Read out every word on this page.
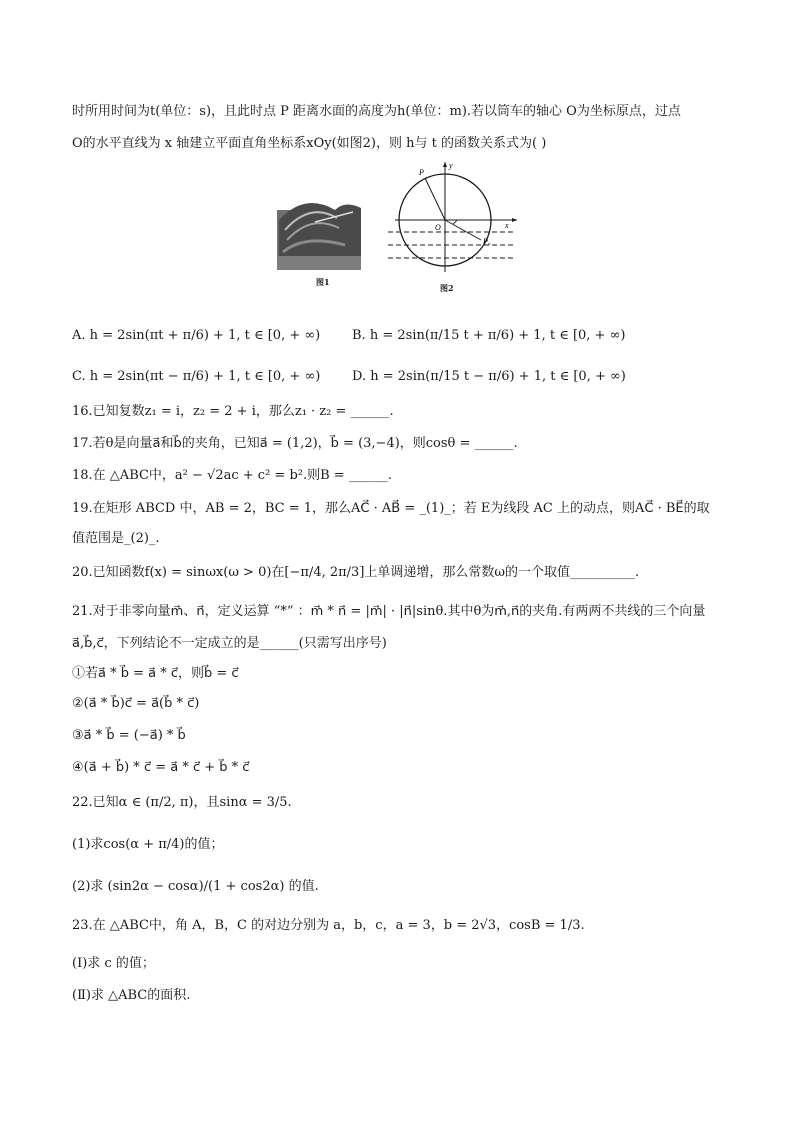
时所用时间为t(单位：s)，且此时点 P 距离水面的高度为h(单位：m).若以筒车的轴心 O为坐标原点，过点
O的水平直线为 x 轴建立平面直角坐标系xOy(如图2)，则 h与 t 的函数关系式为( )
图1
P
y
O	x
P₀
图2
A. h = 2sin(πt + π/6) + 1, t ∈ [0, + ∞) B. h = 2sin(π/15 t + π/6) + 1, t ∈ [0, + ∞)
C. h = 2sin(πt − π/6) + 1, t ∈ [0, + ∞) D. h = 2sin(π/15 t − π/6) + 1, t ∈ [0, + ∞)
16.已知复数z₁ = i，z₂ = 2 + i，那么z₁ · z₂ = ______.
17.若θ是向量a⃗和b⃗的夹角，已知a⃗ = (1,2)，b⃗ = (3,−4)，则cosθ = ______.
18.在 △ABC中，a² − √2ac + c² = b².则B = ______.
19.在矩形 ABCD 中，AB = 2，BC = 1，那么AC⃗ · AB⃗ = _(1)_；若 E为线段 AC 上的动点，则AC⃗ · BE⃗的取
值范围是_(2)_.
20.已知函数f(x) = sinωx(ω > 0)在[−π/4, 2π/3]上单调递增，那么常数ω的一个取值__________.
21.对于非零向量m⃗、n⃗，定义运算 “*” ：m⃗ * n⃗ = |m⃗| · |n⃗|sinθ.其中θ为m⃗,n⃗的夹角.有两两不共线的三个向量
a⃗,b⃗,c⃗，下列结论不一定成立的是______(只需写出序号)
①若a⃗ * b⃗ = a⃗ * c⃗，则b⃗ = c⃗
②(a⃗ * b⃗)c⃗ = a⃗(b⃗ * c⃗)
③a⃗ * b⃗ = (−a⃗) * b⃗
④(a⃗ + b⃗) * c⃗ = a⃗ * c⃗ + b⃗ * c⃗
22.已知α ∈ (π/2, π)，且sinα = 3/5.
(1)求cos(α + π/4)的值；
(2)求 (sin2α − cosα)/(1 + cos2α) 的值.
23.在 △ABC中，角 A，B，C 的对边分别为 a，b，c，a = 3，b = 2√3，cosB = 1/3.
(Ⅰ)求 c 的值；
(Ⅱ)求 △ABC的面积.
